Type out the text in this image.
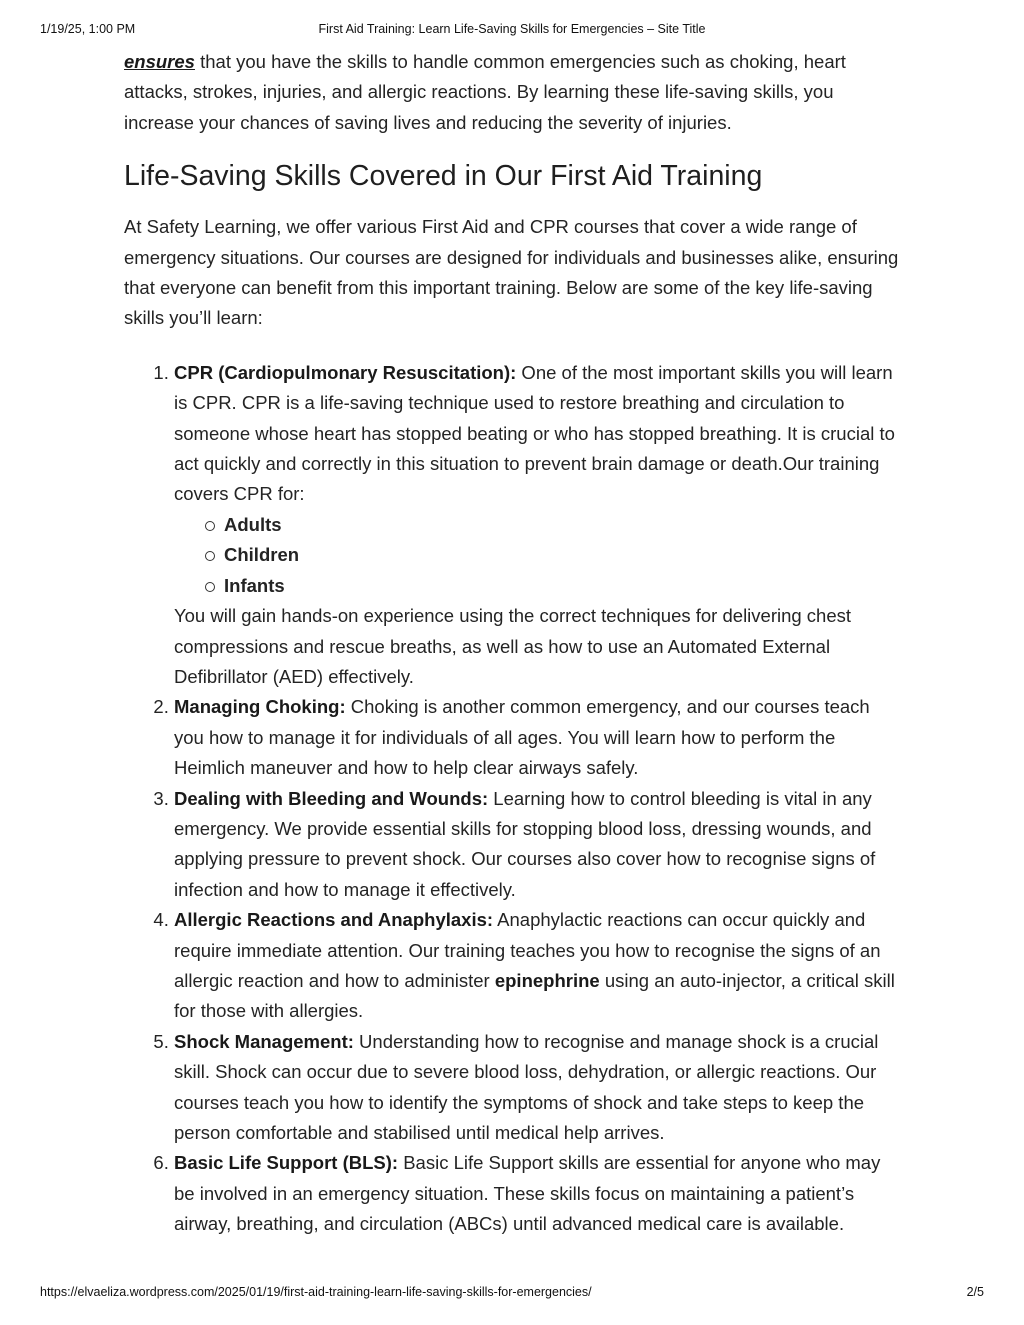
1/19/25, 1:00 PM	First Aid Training: Learn Life-Saving Skills for Emergencies – Site Title

ensures that you have the skills to handle common emergencies such as choking, heart attacks, strokes, injuries, and allergic reactions. By learning these life-saving skills, you increase your chances of saving lives and reducing the severity of injuries.

Life-Saving Skills Covered in Our First Aid Training

At Safety Learning, we offer various First Aid and CPR courses that cover a wide range of emergency situations. Our courses are designed for individuals and businesses alike, ensuring that everyone can benefit from this important training. Below are some of the key life-saving skills you’ll learn:

1. CPR (Cardiopulmonary Resuscitation): One of the most important skills you will learn is CPR. CPR is a life-saving technique used to restore breathing and circulation to someone whose heart has stopped beating or who has stopped breathing. It is crucial to act quickly and correctly in this situation to prevent brain damage or death.Our training covers CPR for:
Adults
Children
Infants
You will gain hands-on experience using the correct techniques for delivering chest compressions and rescue breaths, as well as how to use an Automated External Defibrillator (AED) effectively.
2. Managing Choking: Choking is another common emergency, and our courses teach you how to manage it for individuals of all ages. You will learn how to perform the Heimlich maneuver and how to help clear airways safely.
3. Dealing with Bleeding and Wounds: Learning how to control bleeding is vital in any emergency. We provide essential skills for stopping blood loss, dressing wounds, and applying pressure to prevent shock. Our courses also cover how to recognise signs of infection and how to manage it effectively.
4. Allergic Reactions and Anaphylaxis: Anaphylactic reactions can occur quickly and require immediate attention. Our training teaches you how to recognise the signs of an allergic reaction and how to administer epinephrine using an auto-injector, a critical skill for those with allergies.
5. Shock Management: Understanding how to recognise and manage shock is a crucial skill. Shock can occur due to severe blood loss, dehydration, or allergic reactions. Our courses teach you how to identify the symptoms of shock and take steps to keep the person comfortable and stabilised until medical help arrives.
6. Basic Life Support (BLS): Basic Life Support skills are essential for anyone who may be involved in an emergency situation. These skills focus on maintaining a patient’s airway, breathing, and circulation (ABCs) until advanced medical care is available.
https://elvaeliza.wordpress.com/2025/01/19/first-aid-training-learn-life-saving-skills-for-emergencies/	2/5
